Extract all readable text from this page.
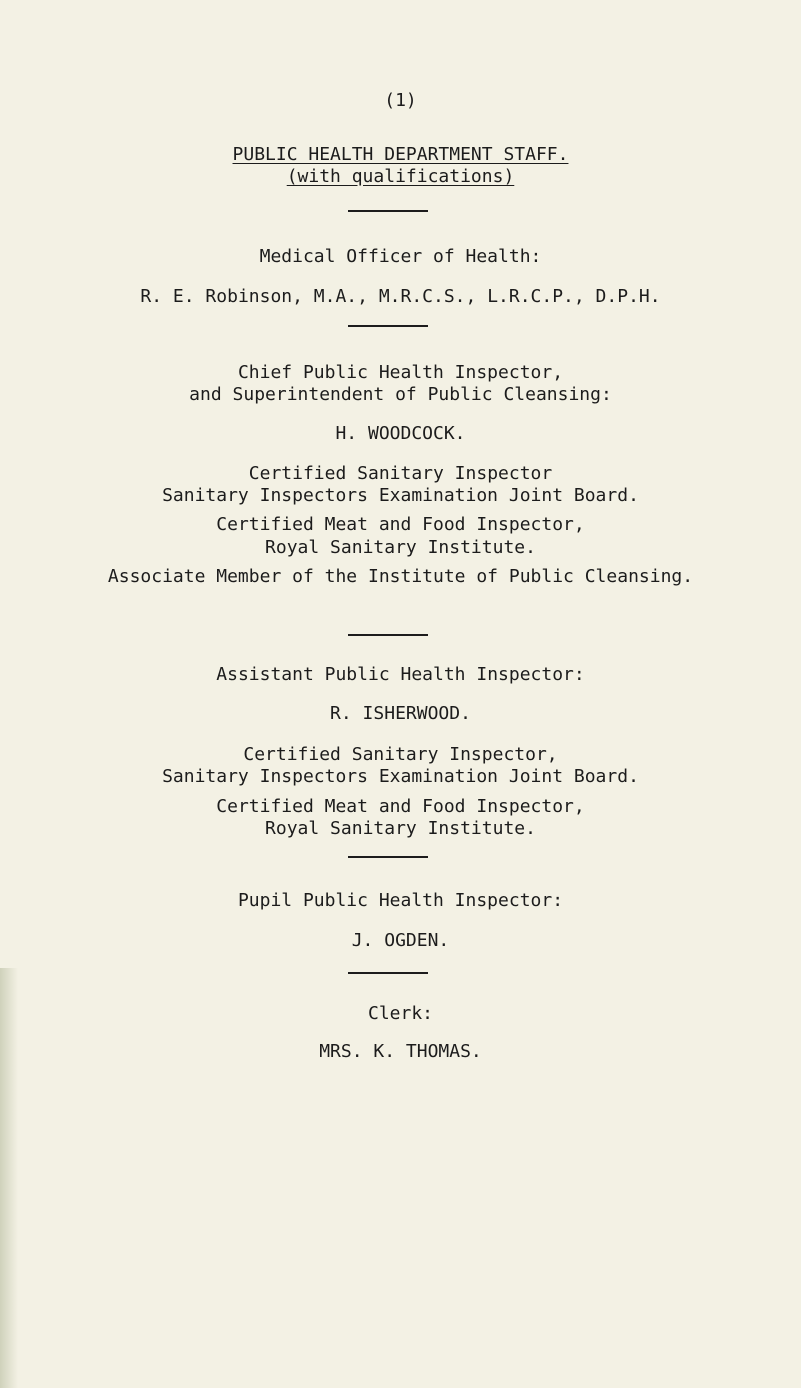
(1)
PUBLIC HEALTH DEPARTMENT STAFF.
(with qualifications)
Medical Officer of Health:
R. E. Robinson, M.A., M.R.C.S., L.R.C.P., D.P.H.
Chief Public Health Inspector,
and Superintendent of Public Cleansing:
H. WOODCOCK.
Certified Sanitary Inspector
Sanitary Inspectors Examination Joint Board.
Certified Meat and Food Inspector,
Royal Sanitary Institute.
Associate Member of the Institute of Public Cleansing.
Assistant Public Health Inspector:
R. ISHERWOOD.
Certified Sanitary Inspector,
Sanitary Inspectors Examination Joint Board.
Certified Meat and Food Inspector,
Royal Sanitary Institute.
Pupil Public Health Inspector:
J. OGDEN.
Clerk:
MRS. K. THOMAS.
